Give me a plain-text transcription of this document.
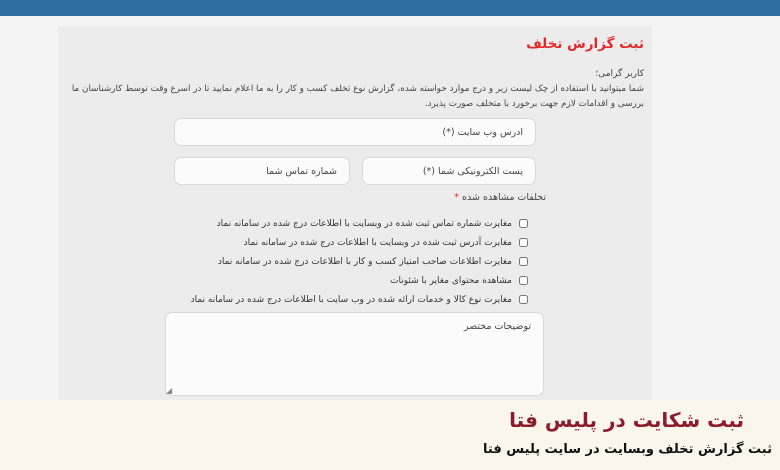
ثبت گزارش تخلف
کاربر گرامی؛
شما میتوانید با استفاده از چک لیست زیر و درج موارد خواسته شده، گزارش نوع تخلف کسب و کار را به ما اعلام نمایید تا در اسرع وقت توسط کارشناسان ما بررسی و اقدامات لازم جهت برخورد با متخلف صورت پذیرد.
آدرس وب سایت (*)
پست الکترونیکی شما (*)
شماره تماس شما
تخلفات مشاهده شده *
مغایرت شماره تماس ثبت شده در وبسایت با اطلاعات درج شده در سامانه نماد
مغایرت آدرس ثبت شده در وبسایت با اطلاعات درج شده در سامانه نماد
مغایرت اطلاعات صاحب امتیاز کسب و کار با اطلاعات درج شده در سامانه نماد
مشاهده محتوای مغایر با شئونات
مغایرت نوع کالا و خدمات ارائه شده در وب سایت با اطلاعات درج شده در سامانه نماد
توضیحات مختصر
◢
ثبت شکایت در پلیس فتا
ثبت گزارش تخلف وبسایت در سایت پلیس فتا
